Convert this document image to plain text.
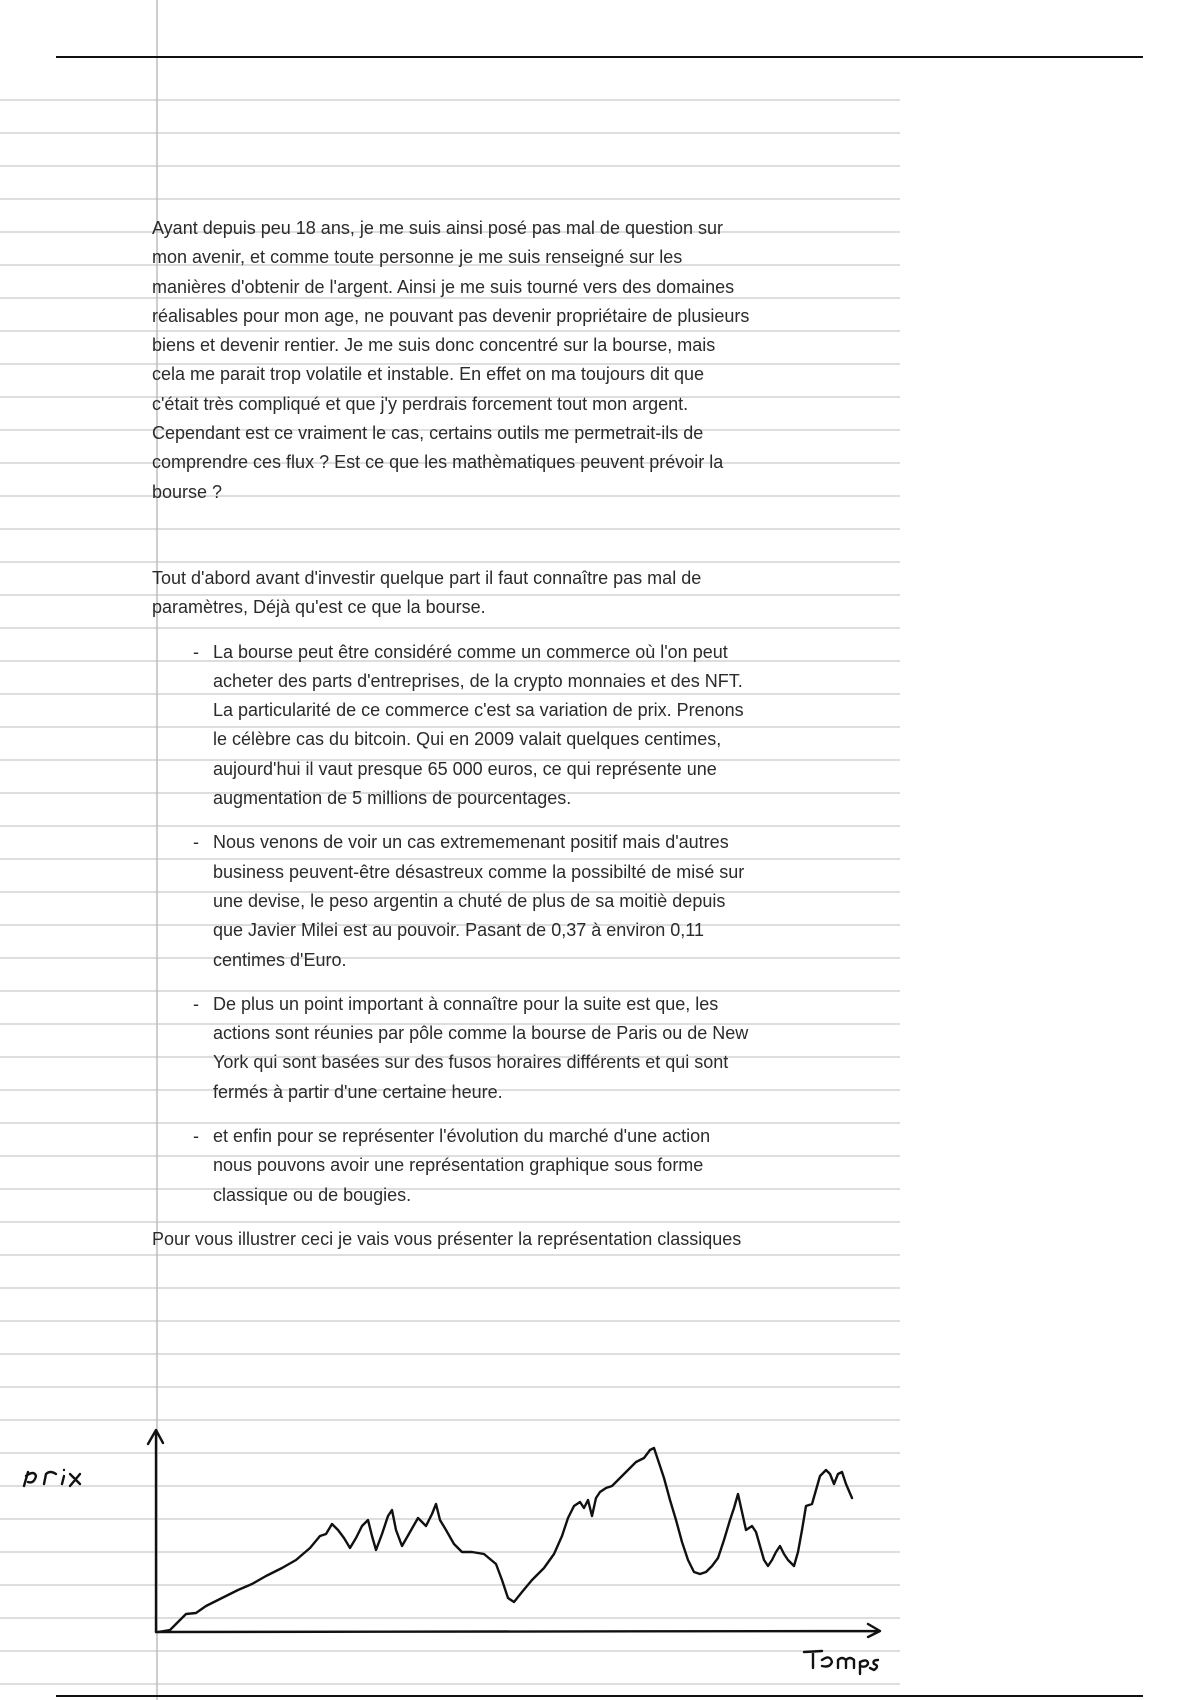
Ayant depuis peu 18 ans, je me suis ainsi posé pas mal de question sur mon avenir, et comme toute personne je me suis renseigné sur les manières d'obtenir de l'argent. Ainsi je me suis tourné vers des domaines réalisables pour mon age, ne pouvant pas devenir propriétaire de plusieurs biens et devenir rentier. Je me suis donc concentré sur la bourse, mais cela me parait trop volatile et instable. En effet on ma toujours dit que c'était très compliqué et que j'y perdrais forcement tout mon argent. Cependant est ce vraiment le cas, certains outils me permetrait-ils de comprendre ces flux ? Est ce que les mathèmatiques peuvent prévoir la bourse ?

Tout d'abord avant d'investir quelque part il faut connaître pas mal de paramètres, Déjà qu'est ce que la bourse.

- La bourse peut être considéré comme un commerce où l'on peut acheter des parts d'entreprises, de la crypto monnaies et des NFT. La particularité de ce commerce c'est sa variation de prix. Prenons le célèbre cas du bitcoin. Qui en 2009 valait quelques centimes, aujourd'hui il vaut presque 65 000 euros, ce qui représente une augmentation de 5 millions de pourcentages.
- Nous venons de voir un cas extrememenant positif mais d'autres business peuvent-être désastreux comme la possibilté de misé sur une devise, le peso argentin a chuté de plus de sa moitiè depuis que Javier Milei est au pouvoir. Pasant de 0,37 à environ 0,11 centimes d'Euro.
- De plus un point important à connaître pour la suite est que, les actions sont réunies par pôle comme la bourse de Paris ou de New York qui sont basées sur des fusos horaires différents et qui sont fermés à partir d'une certaine heure.
- et enfin pour se représenter l'évolution du marché d'une action nous pouvons avoir une représentation graphique sous forme classique ou de bougies.

Pour vous illustrer ceci je vais vous présenter la représentation classiques
